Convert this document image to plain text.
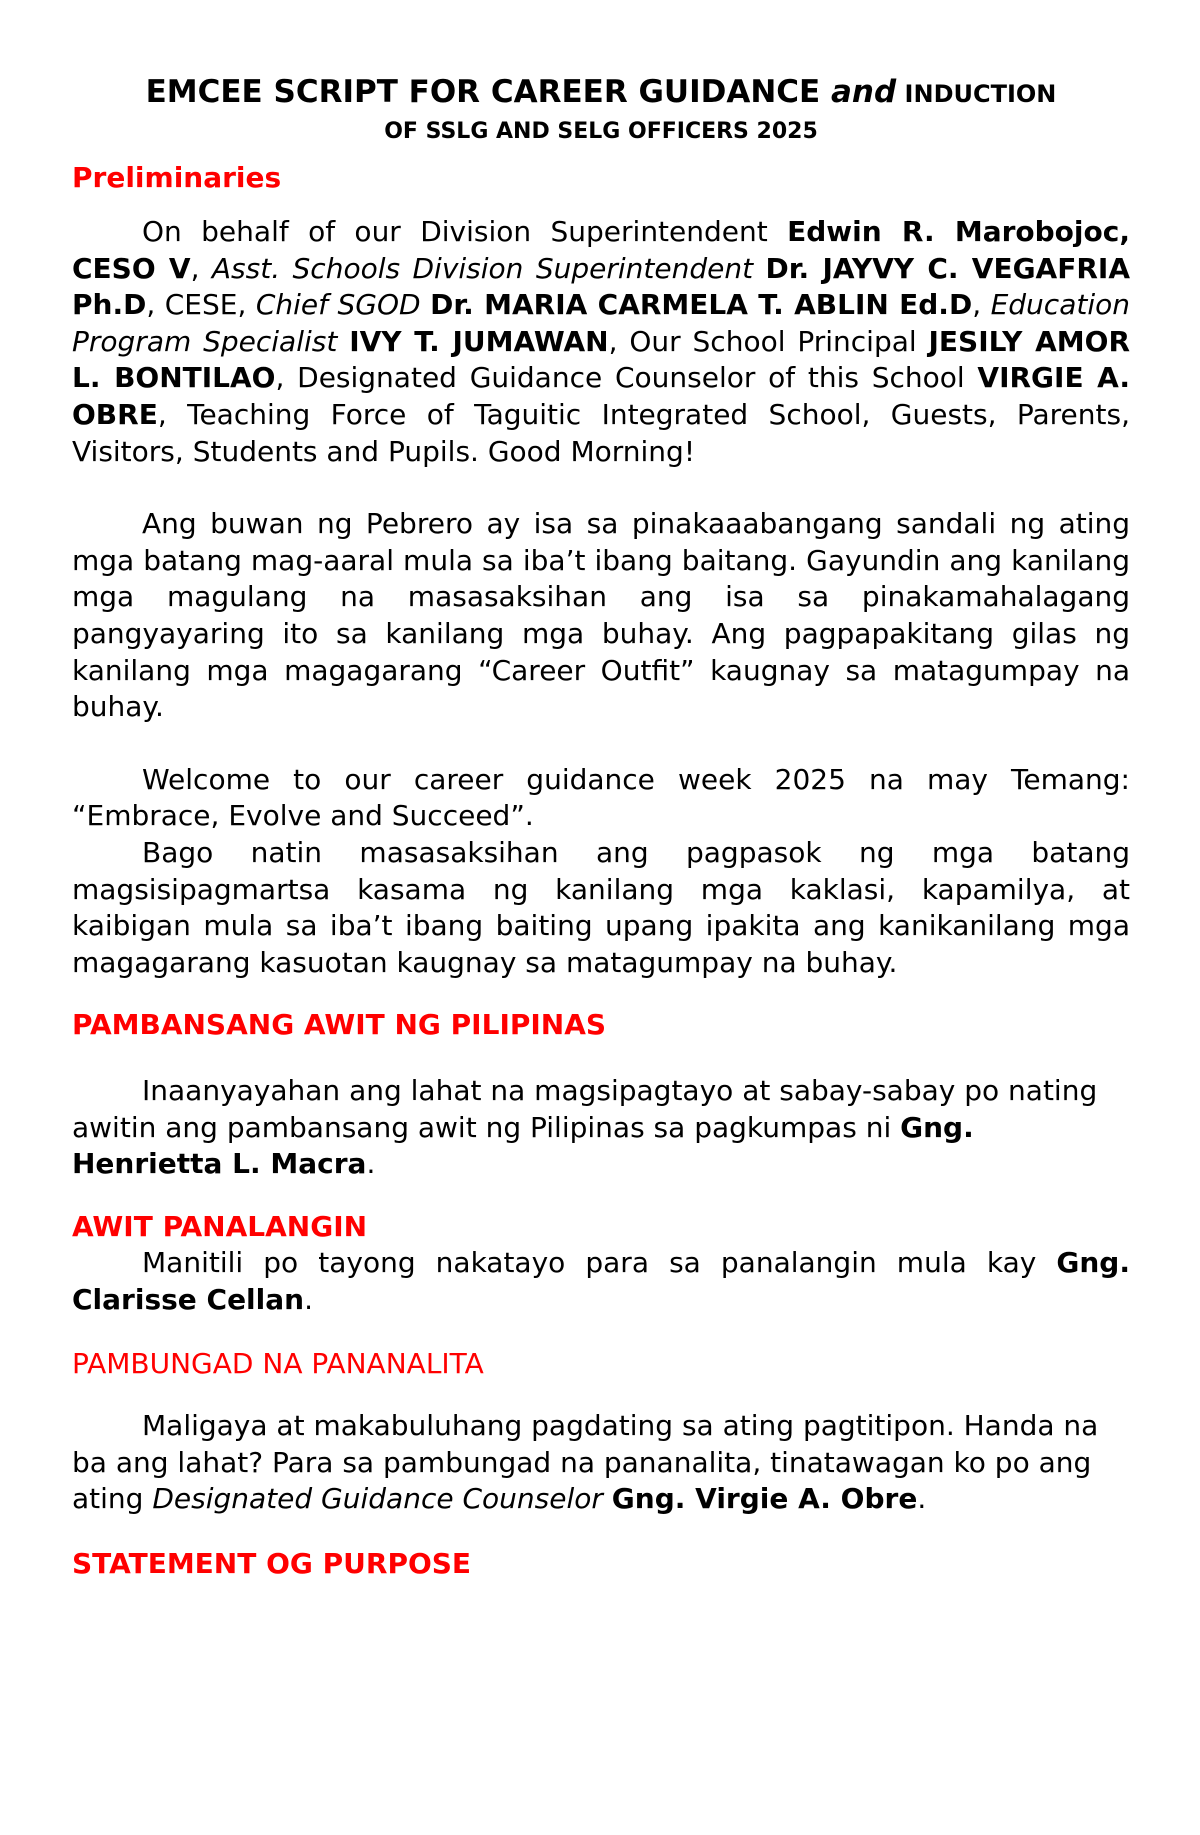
EMCEE SCRIPT FOR CAREER GUIDANCE and INDUCTION
OF SSLG AND SELG OFFICERS 2025
Preliminaries

On behalf of our Division Superintendent Edwin R. Marobojoc, CESO V, Asst. Schools Division Superintendent Dr. JAYVY C. VEGAFRIA Ph.D, CESE, Chief SGOD Dr. MARIA CARMELA T. ABLIN Ed.D, Education Program Specialist IVY T. JUMAWAN, Our School Principal JESILY AMOR L. BONTILAO, Designated Guidance Counselor of this School VIRGIE A. OBRE, Teaching Force of Taguitic Integrated School, Guests, Parents, Visitors, Students and Pupils. Good Morning!

Ang buwan ng Pebrero ay isa sa pinakaaabangang sandali ng ating mga batang mag-aaral mula sa iba’t ibang baitang. Gayundin ang kanilang mga magulang na masasaksihan ang isa sa pinakamahalagang pangyayaring ito sa kanilang mga buhay. Ang pagpapakitang gilas ng kanilang mga magagarang “Career Outfit” kaugnay sa matagumpay na buhay.

Welcome to our career guidance week 2025 na may Temang: “Embrace, Evolve and Succeed”.

Bago natin masasaksihan ang pagpasok ng mga batang magsisipagmartsa kasama ng kanilang mga kaklasi, kapamilya, at kaibigan mula sa iba’t ibang baiting upang ipakita ang kanikanilang mga magagarang kasuotan kaugnay sa matagumpay na buhay.

PAMBANSANG AWIT NG PILIPINAS

Inaanyayahan ang lahat na magsipagtayo at sabay-sabay po nating awitin ang pambansang awit ng Pilipinas sa pagkumpas ni Gng. Henrietta L. Macra.

AWIT PANALANGIN

Manitili po tayong nakatayo para sa panalangin mula kay Gng. Clarisse Cellan.

PAMBUNGAD NA PANANALITA

Maligaya at makabuluhang pagdating sa ating pagtitipon. Handa na ba ang lahat? Para sa pambungad na pananalita, tinatawagan ko po ang ating Designated Guidance Counselor Gng. Virgie A. Obre.

STATEMENT OG PURPOSE
